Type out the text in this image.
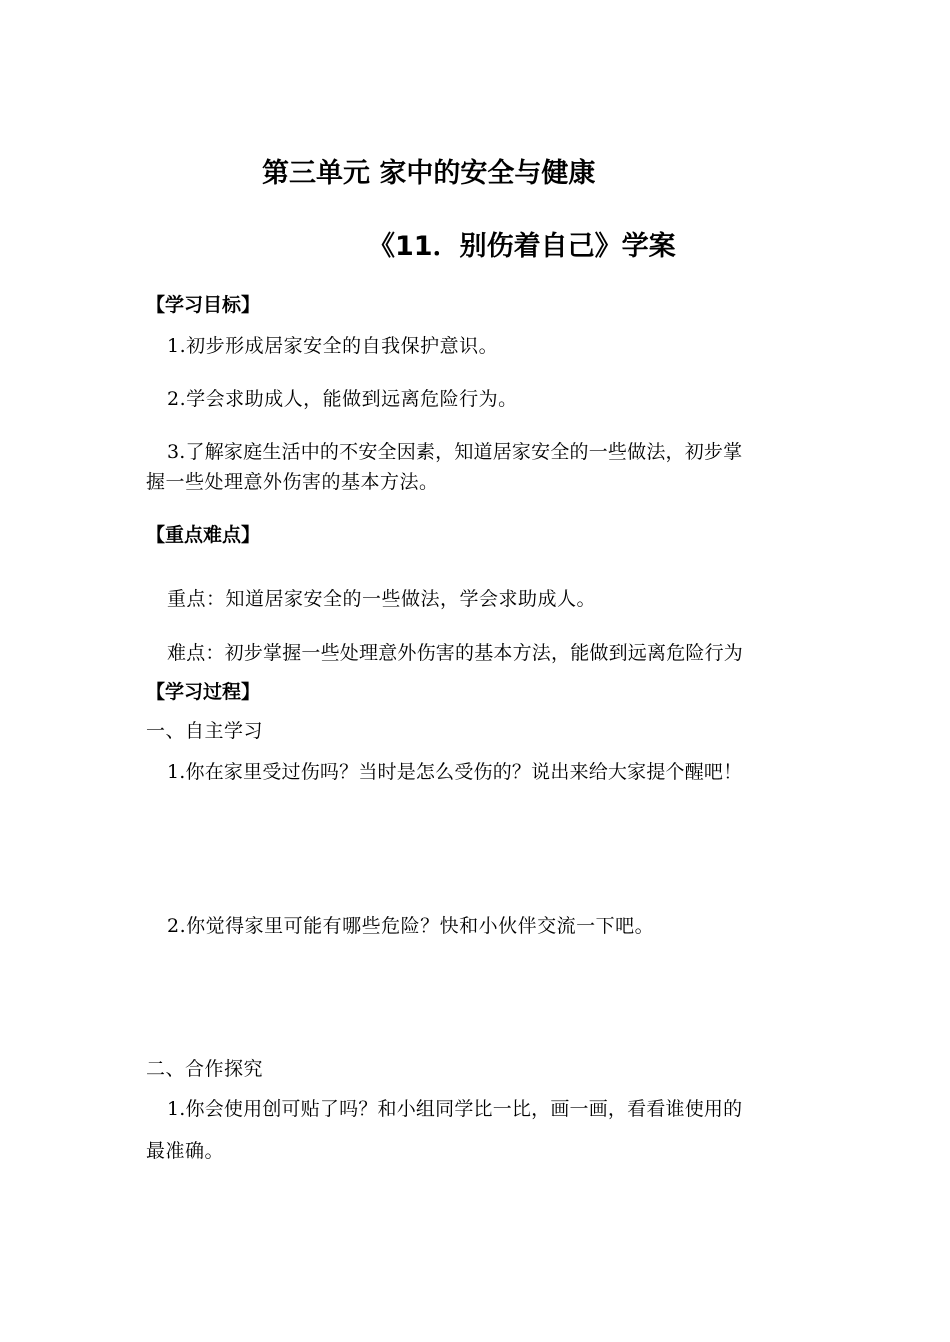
第三单元 家中的安全与健康
《11．别伤着自己》学案
【学习目标】

1.初步形成居家安全的自我保护意识。

2.学会求助成人，能做到远离危险行为。

3.了解家庭生活中的不安全因素，知道居家安全的一些做法，初步掌

握一些处理意外伤害的基本方法。

【重点难点】

重点：知道居家安全的一些做法，学会求助成人。

难点：初步掌握一些处理意外伤害的基本方法，能做到远离危险行为

【学习过程】

一、自主学习

1.你在家里受过伤吗？当时是怎么受伤的？说出来给大家提个醒吧！

2.你觉得家里可能有哪些危险？快和小伙伴交流一下吧。

二、合作探究

1.你会使用创可贴了吗？和小组同学比一比，画一画，看看谁使用的

最准确。
